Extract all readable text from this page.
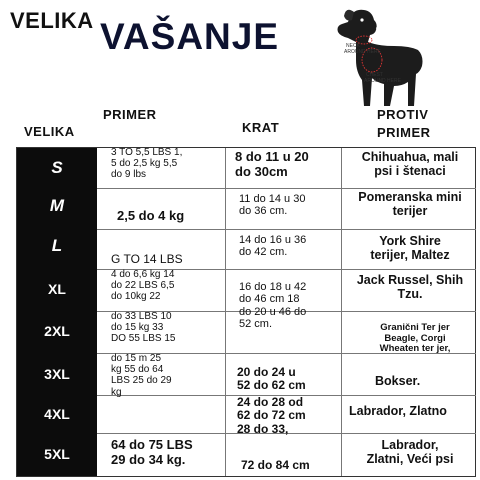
VELIKA VAŠANJE
Nazad!
MEASURE HERE TO HERE
NECK
AROUND HERE
CHEST
AROUND HERE
VELIKA
PRIMER
KRAT
PROTIV
PRIMER
S
3 TO 5,5 LBS 1,
5 do 2,5 kg 5,5
do 9 lbs
8 do 11 u 20
do 30cm
Chihuahua, mali
psi i štenaci
M
2,5 do 4 kg
11 do 14 u 30
do 36 cm.
Pomeranska mini
terijer
L
G TO 14 LBS
14 do 16 u 36
do 42 cm.
York Shire
terijer, Maltez
XL
4 do 6,6 kg 14
do 22 LBS 6,5
do 10kg 22
16 do 18 u 42
do 46 cm 18
do 20 u 46 do
52 cm.
Jack Russel, Shih
Tzu.
2XL
do 33 LBS 10
do 15 kg 33
DO 55 LBS 15
Granični Ter jer
Beagle, Corgi
Wheaten ter jer,
3XL
do 15 m 25
kg 55 do 64
LBS 25 do 29
kg
20 do 24 u
52 do 62 cm	Bokser.
4XL
24 do 28 od
62 do 72 cm
28 do 33,
Labrador, Zlatno
5XL
64 do 75 LBS
29 do 34 kg.	72 do 84 cm
Labrador,
Zlatni, Veći psi
